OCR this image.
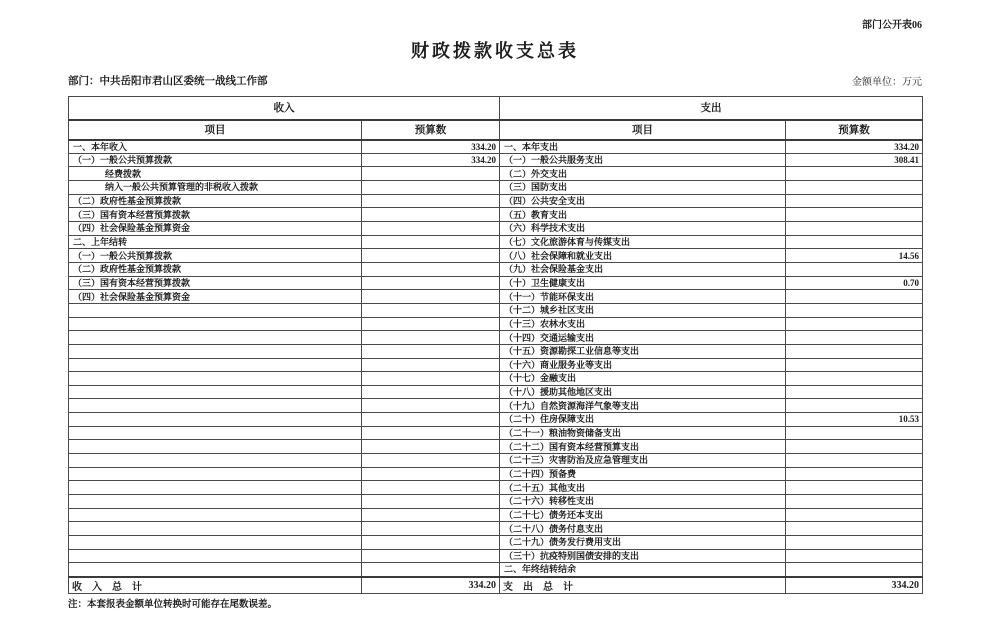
部门公开表06
财政拨款收支总表
部门：中共岳阳市君山区委统一战线工作部	金额单位：万元
收入		支出	
项目	预算数	项目	预算数
一、本年收入	334.20	一、本年支出	334.20
（一）一般公共预算拨款	334.20	（一）一般公共服务支出	308.41
经费拨款		（二）外交支出	
纳入一般公共预算管理的非税收入拨款		（三）国防支出	
（二）政府性基金预算拨款		（四）公共安全支出	
（三）国有资本经营预算拨款		（五）教育支出	
（四）社会保险基金预算资金		（六）科学技术支出	
二、上年结转		（七）文化旅游体育与传媒支出	
（一）一般公共预算拨款		（八）社会保障和就业支出	14.56
（二）政府性基金预算拨款		（九）社会保险基金支出	
（三）国有资本经营预算拨款		（十）卫生健康支出	0.70
（四）社会保险基金预算资金		（十一）节能环保支出	
		（十二）城乡社区支出	
		（十三）农林水支出	
		（十四）交通运输支出	
		（十五）资源勘探工业信息等支出	
		（十六）商业服务业等支出	
		（十七）金融支出	
		（十八）援助其他地区支出	
		（十九）自然资源海洋气象等支出	
		（二十）住房保障支出	10.53
		（二十一）粮油物资储备支出	
		（二十二）国有资本经营预算支出	
		（二十三）灾害防治及应急管理支出	
		（二十四）预备费	
		（二十五）其他支出	
		（二十六）转移性支出	
		（二十七）债务还本支出	
		（二十八）债务付息支出	
		（二十九）债务发行费用支出	
		（三十）抗疫特别国债安排的支出	
		二、年终结转结余	
收　入　总　计	334.20	支　出　总　计	334.20
注：本套报表金额单位转换时可能存在尾数误差。
